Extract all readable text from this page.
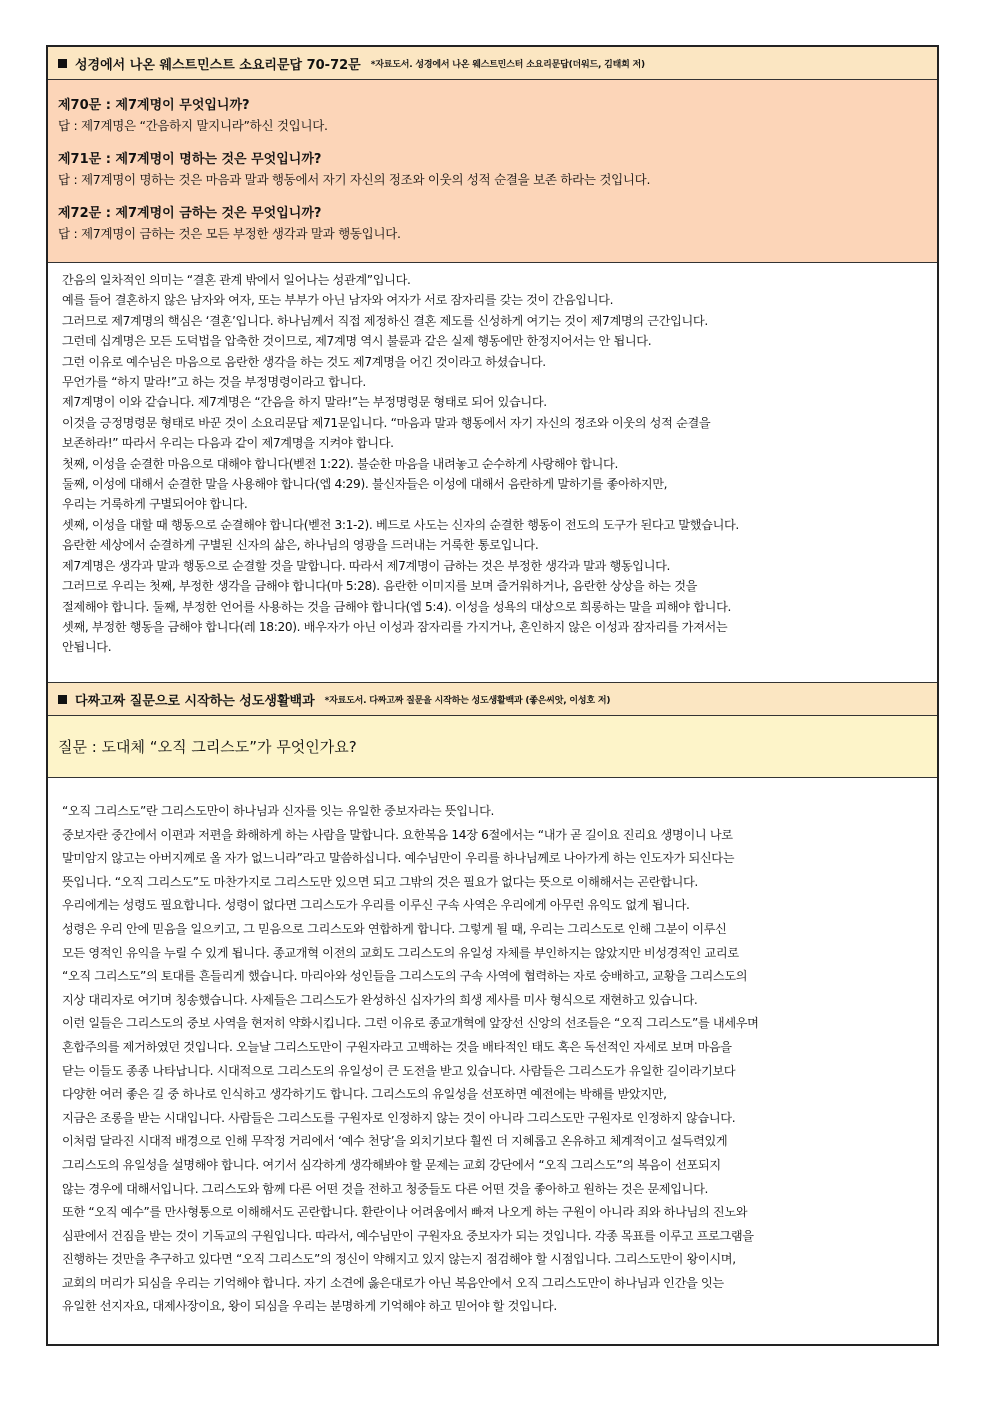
성경에서 나온 웨스트민스트 소요리문답 70-72문 *자료도서. 성경에서 나온 웨스트민스터 소요리문답(더워드, 김태희 저)
제70문 : 제7계명이 무엇입니까?
답 : 제7계명은 “간음하지 말지니라”하신 것입니다.
제71문 : 제7계명이 명하는 것은 무엇입니까?
답 : 제7계명이 명하는 것은 마음과 말과 행동에서 자기 자신의 정조와 이웃의 성적 순결을 보존 하라는 것입니다.
제72문 : 제7계명이 금하는 것은 무엇입니까?
답 : 제7계명이 금하는 것은 모든 부정한 생각과 말과 행동입니다.
간음의 일차적인 의미는 “결혼 관계 밖에서 일어나는 성관계”입니다.
예를 들어 결혼하지 않은 남자와 여자, 또는 부부가 아닌 남자와 여자가 서로 잠자리를 갖는 것이 간음입니다.
그러므로 제7계명의 핵심은 ‘결혼’입니다. 하나님께서 직접 제정하신 결혼 제도를 신성하게 여기는 것이 제7계명의 근간입니다.
그런데 십계명은 모든 도덕법을 압축한 것이므로, 제7계명 역시 불륜과 같은 실제 행동에만 한정지어서는 안 됩니다.
그런 이유로 예수님은 마음으로 음란한 생각을 하는 것도 제7계명을 어긴 것이라고 하셨습니다.
무언가를 “하지 말라!”고 하는 것을 부정명령이라고 합니다.
제7계명이 이와 같습니다. 제7계명은 “간음을 하지 말라!”는 부정명령문 형태로 되어 있습니다.
이것을 긍정명령문 형태로 바꾼 것이 소요리문답 제71문입니다. “마음과 말과 행동에서 자기 자신의 정조와 이웃의 성적 순결을
보존하라!” 따라서 우리는 다음과 같이 제7계명을 지켜야 합니다.
첫째, 이성을 순결한 마음으로 대해야 합니다(벧전 1:22). 불순한 마음을 내려놓고 순수하게 사랑해야 합니다.
둘째, 이성에 대해서 순결한 말을 사용해야 합니다(엡 4:29). 불신자들은 이성에 대해서 음란하게 말하기를 좋아하지만,
우리는 거룩하게 구별되어야 합니다.
셋째, 이성을 대할 때 행동으로 순결해야 합니다(벧전 3:1-2). 베드로 사도는 신자의 순결한 행동이 전도의 도구가 된다고 말했습니다.
음란한 세상에서 순결하게 구별된 신자의 삶은, 하나님의 영광을 드러내는 거룩한 통로입니다.
제7계명은 생각과 말과 행동으로 순결할 것을 말합니다. 따라서 제7계명이 금하는 것은 부정한 생각과 말과 행동입니다.
그러므로 우리는 첫째, 부정한 생각을 금해야 합니다(마 5:28). 음란한 이미지를 보며 즐거워하거나, 음란한 상상을 하는 것을
절제해야 합니다. 둘째, 부정한 언어를 사용하는 것을 금해야 합니다(엡 5:4). 이성을 성욕의 대상으로 희롱하는 말을 피해야 합니다.
셋째, 부정한 행동을 금해야 합니다(레 18:20). 배우자가 아닌 이성과 잠자리를 가지거나, 혼인하지 않은 이성과 잠자리를 가져서는
안됩니다.
다짜고짜 질문으로 시작하는 성도생활백과 *자료도서. 다짜고짜 질문을 시작하는 성도생활백과 (좋은씨앗, 이성호 저)
질문 : 도대체 “오직 그리스도”가 무엇인가요?
“오직 그리스도”란 그리스도만이 하나님과 신자를 잇는 유일한 중보자라는 뜻입니다.
중보자란 중간에서 이편과 저편을 화해하게 하는 사람을 말합니다. 요한복음 14장 6절에서는 “내가 곧 길이요 진리요 생명이니 나로
말미암지 않고는 아버지께로 올 자가 없느니라”라고 말씀하십니다. 예수님만이 우리를 하나님께로 나아가게 하는 인도자가 되신다는
뜻입니다. “오직 그리스도”도 마찬가지로 그리스도만 있으면 되고 그밖의 것은 필요가 없다는 뜻으로 이해해서는 곤란합니다.
우리에게는 성령도 필요합니다. 성령이 없다면 그리스도가 우리를 이루신 구속 사역은 우리에게 아무런 유익도 없게 됩니다.
성령은 우리 안에 믿음을 일으키고, 그 믿음으로 그리스도와 연합하게 합니다. 그렇게 될 때, 우리는 그리스도로 인해 그분이 이루신
모든 영적인 유익을 누릴 수 있게 됩니다. 종교개혁 이전의 교회도 그리스도의 유일성 자체를 부인하지는 않았지만 비성경적인 교리로
“오직 그리스도”의 토대를 흔들리게 했습니다. 마리아와 성인들을 그리스도의 구속 사역에 협력하는 자로 숭배하고, 교황을 그리스도의
지상 대리자로 여기며 칭송했습니다. 사제들은 그리스도가 완성하신 십자가의 희생 제사를 미사 형식으로 재현하고 있습니다.
이런 일들은 그리스도의 중보 사역을 현저히 약화시킵니다. 그런 이유로 종교개혁에 앞장선 신앙의 선조들은 “오직 그리스도”를 내세우며
혼합주의를 제거하였던 것입니다. 오늘날 그리스도만이 구원자라고 고백하는 것을 배타적인 태도 혹은 독선적인 자세로 보며 마음을
닫는 이들도 종종 나타납니다. 시대적으로 그리스도의 유일성이 큰 도전을 받고 있습니다. 사람들은 그리스도가 유일한 길이라기보다
다양한 여러 좋은 길 중 하나로 인식하고 생각하기도 합니다. 그리스도의 유일성을 선포하면 예전에는 박해를 받았지만,
지금은 조롱을 받는 시대입니다. 사람들은 그리스도를 구원자로 인정하지 않는 것이 아니라 그리스도만 구원자로 인정하지 않습니다.
이처럼 달라진 시대적 배경으로 인해 무작정 거리에서 ‘예수 천당’을 외치기보다 훨씬 더 지혜롭고 온유하고 체계적이고 설득력있게
그리스도의 유일성을 설명해야 합니다. 여기서 심각하게 생각해봐야 할 문제는 교회 강단에서 “오직 그리스도”의 복음이 선포되지
않는 경우에 대해서입니다. 그리스도와 함께 다른 어떤 것을 전하고 청중들도 다른 어떤 것을 좋아하고 원하는 것은 문제입니다.
또한 “오직 예수”를 만사형통으로 이해해서도 곤란합니다. 환란이나 어려움에서 빠져 나오게 하는 구원이 아니라 죄와 하나님의 진노와
심판에서 건짐을 받는 것이 기독교의 구원입니다. 따라서, 예수님만이 구원자요 중보자가 되는 것입니다. 각종 목표를 이루고 프로그램을
진행하는 것만을 추구하고 있다면 “오직 그리스도”의 정신이 약해지고 있지 않는지 점검해야 할 시점입니다. 그리스도만이 왕이시며,
교회의 머리가 되심을 우리는 기억해야 합니다. 자기 소견에 옳은대로가 아닌 복음안에서 오직 그리스도만이 하나님과 인간을 잇는
유일한 선지자요, 대제사장이요, 왕이 되심을 우리는 분명하게 기억해야 하고 믿어야 할 것입니다.
